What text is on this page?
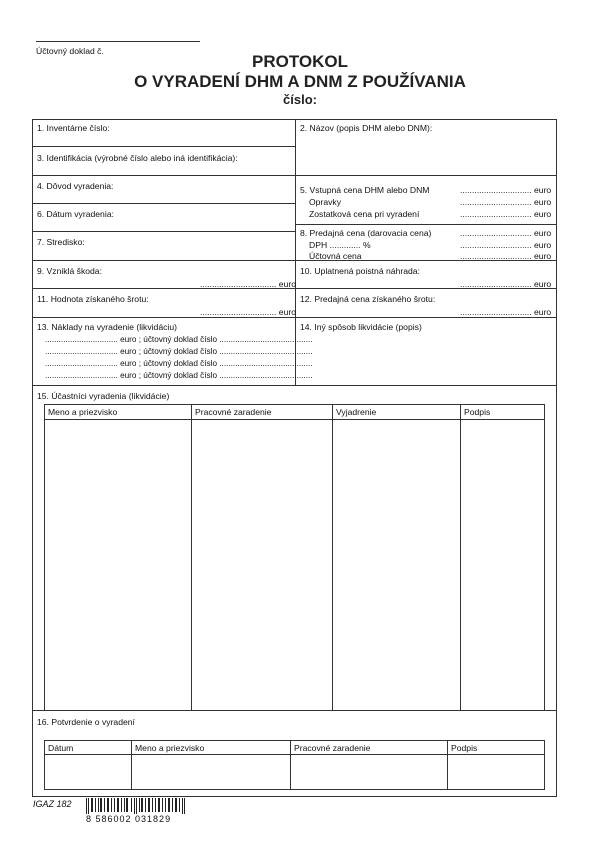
Účtovný doklad č.
PROTOKOL
O VYRADENÍ DHM A DNM Z POUŽÍVANIA
číslo:
1. Inventárne číslo:
3. Identifikácia (výrobné číslo alebo iná identifikácia):
4. Dôvod vyradenia:
6. Dátum vyradenia:
7. Stredisko:
9. Vzniklá škoda:
................................ euro
11. Hodnota získaného šrotu:
................................ euro
13. Náklady na vyradenie (likvidáciu)
................................ euro ; účtovný doklad číslo .........................................
................................ euro ; účtovný doklad číslo .........................................
................................ euro ; účtovný doklad číslo .........................................
................................ euro ; účtovný doklad číslo .........................................
2. Názov (popis DHM alebo DNM):
5. Vstupná cena DHM alebo DNM	.............................. euro
Opravky	.............................. euro
Zostatková cena pri vyradení	.............................. euro
8. Predajná cena (darovacia cena)	.............................. euro
DPH ............. %	.............................. euro
Účtovná cena	.............................. euro
10. Uplatnená poistná náhrada:
.............................. euro
12. Predajná cena získaného šrotu:
.............................. euro
14. Iný spôsob likvidácie (popis)
15. Účastníci vyradenia (likvidácie)
Meno a priezvisko	Pracovné zaradenie	Vyjadrenie	Podpis
16. Potvrdenie o vyradení
Dátum	Meno a priezvisko	Pracovné zaradenie	Podpis
IGAZ 182
8 586002 031829
